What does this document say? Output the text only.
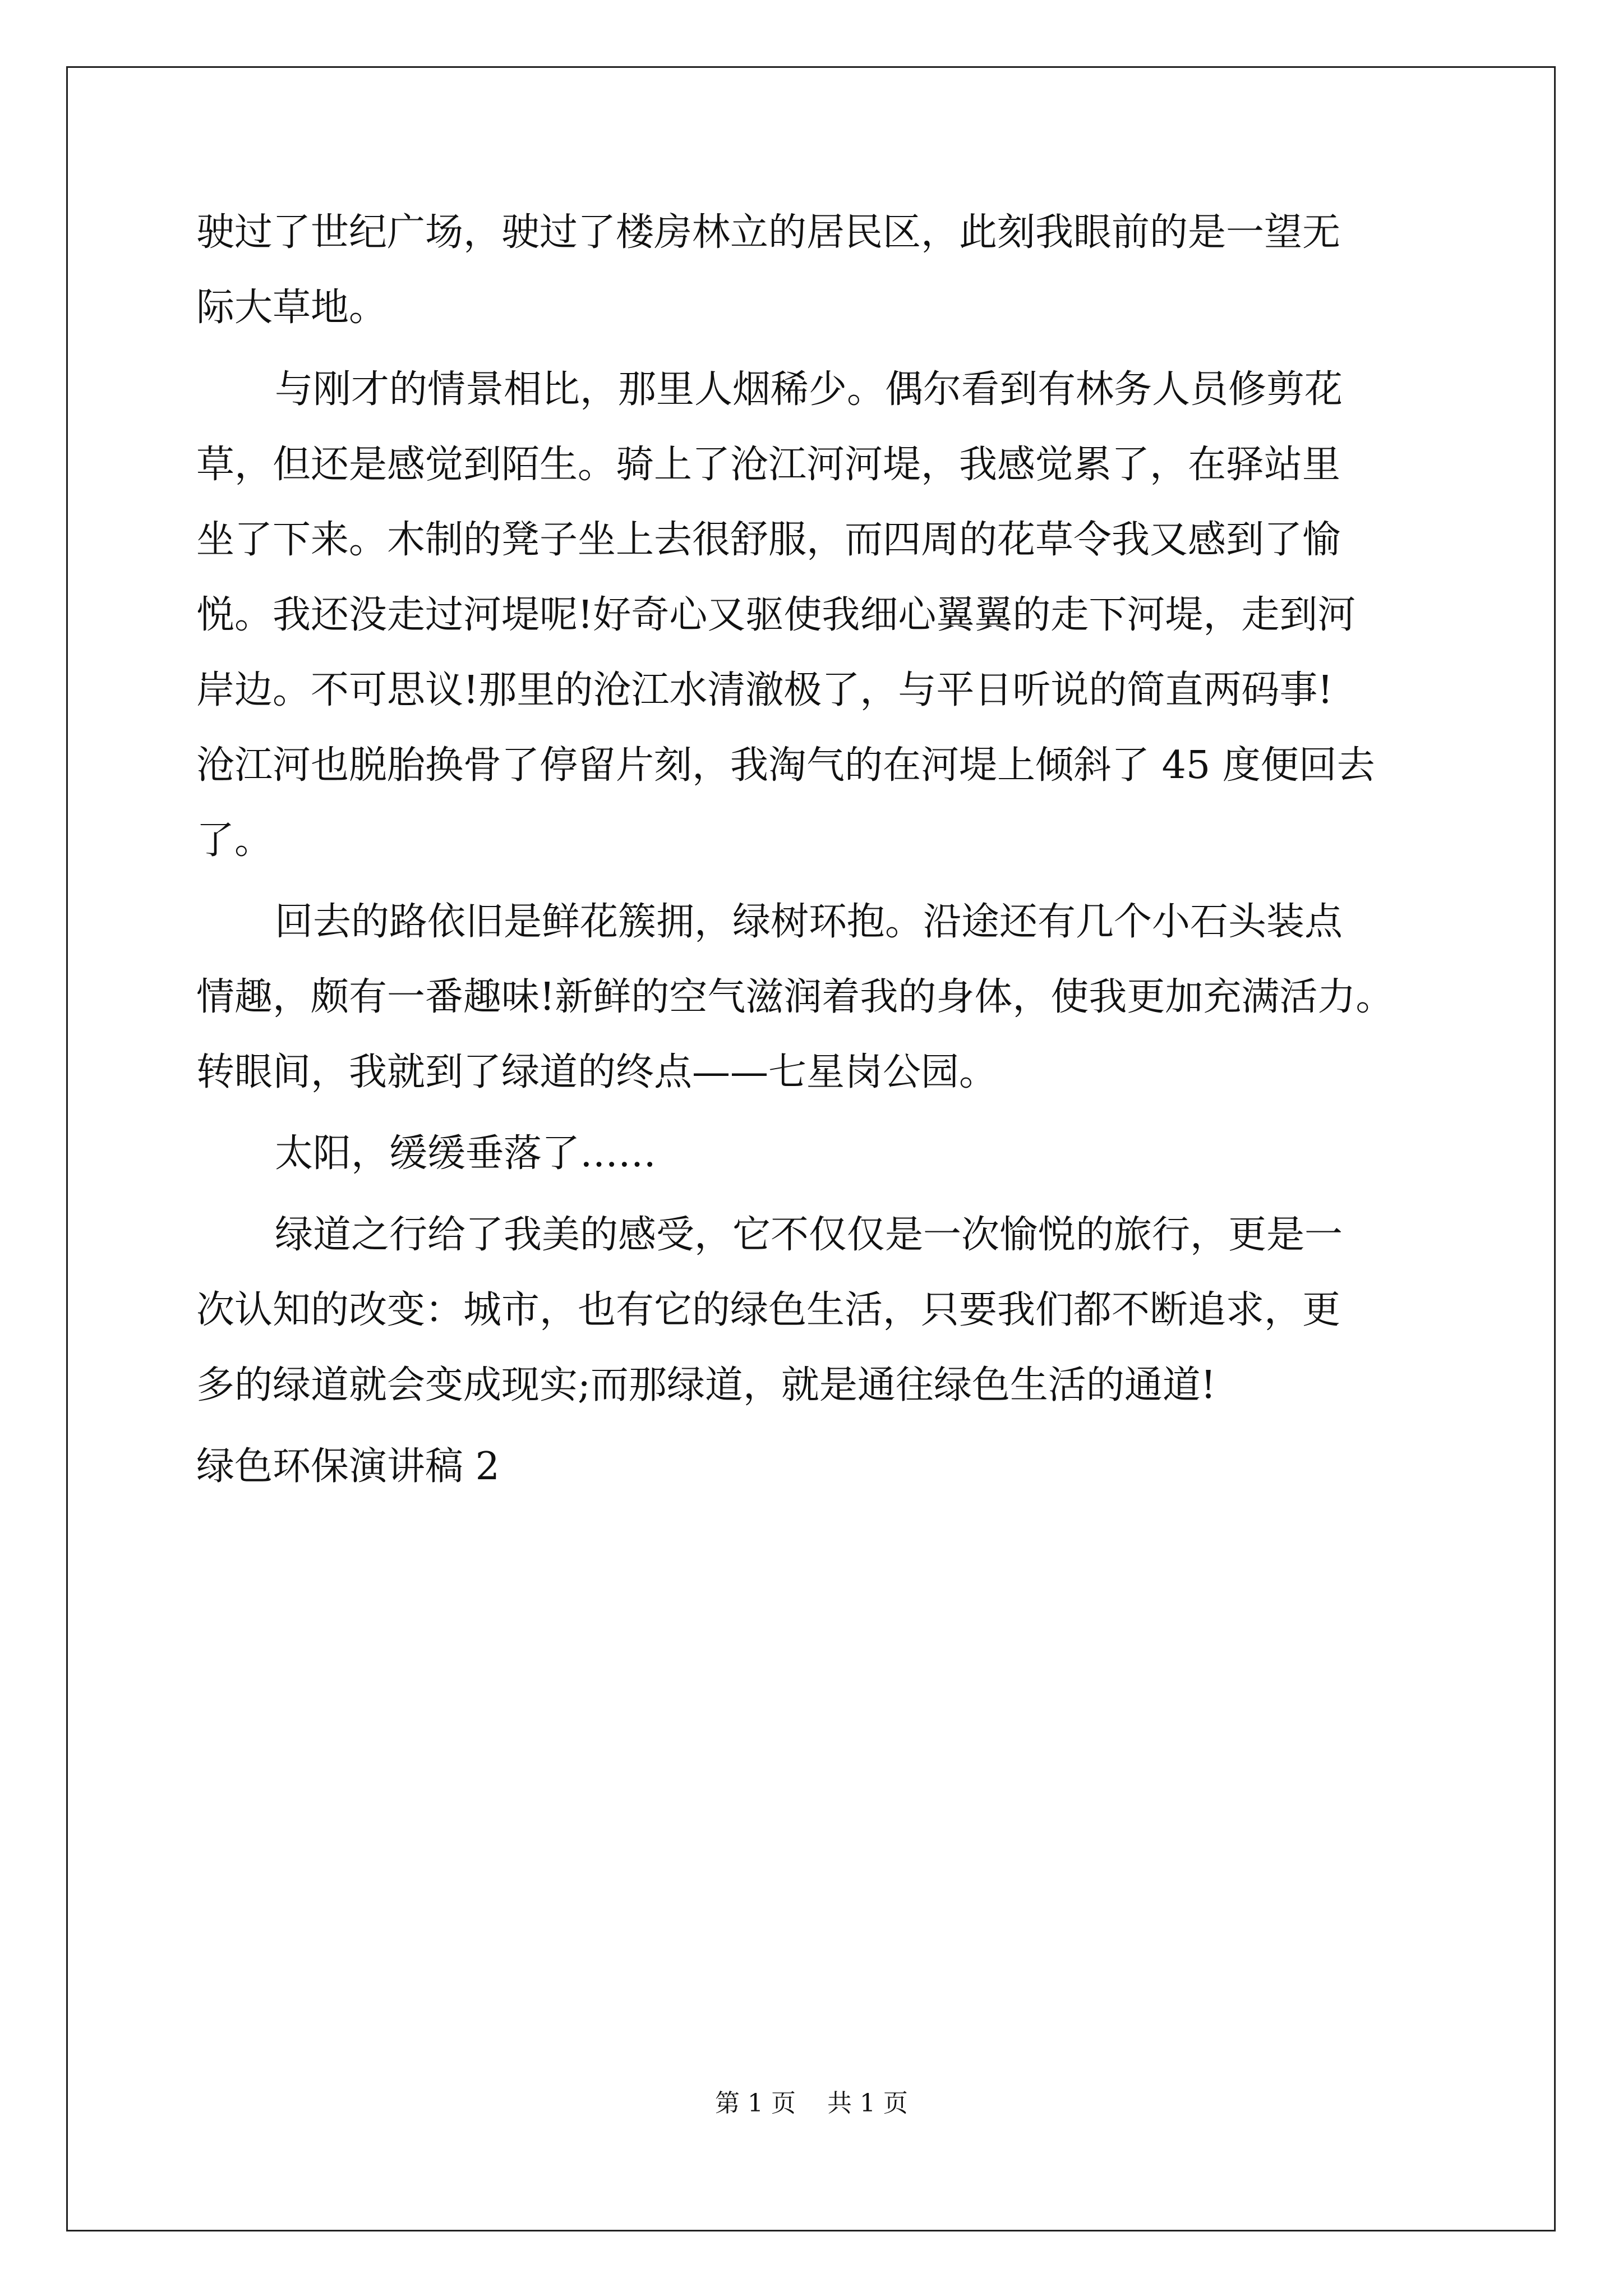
驶过了世纪广场，驶过了楼房林立的居民区，此刻我眼前的是一望无
际大草地。
与刚才的情景相比，那里人烟稀少。偶尔看到有林务人员修剪花
草，但还是感觉到陌生。骑上了沧江河河堤，我感觉累了，在驿站里
坐了下来。木制的凳子坐上去很舒服，而四周的花草令我又感到了愉
悦。我还没走过河堤呢!好奇心又驱使我细心翼翼的走下河堤，走到河
岸边。不可思议!那里的沧江水清澈极了，与平日听说的简直两码事!
沧江河也脱胎换骨了停留片刻，我淘气的在河堤上倾斜了 45 度便回去
了。
回去的路依旧是鲜花簇拥，绿树环抱。沿途还有几个小石头装点
情趣，颇有一番趣味!新鲜的空气滋润着我的身体，使我更加充满活力。
转眼间，我就到了绿道的终点——七星岗公园。
太阳，缓缓垂落了……
绿道之行给了我美的感受，它不仅仅是一次愉悦的旅行，更是一
次认知的改变：城市，也有它的绿色生活，只要我们都不断追求，更
多的绿道就会变成现实;而那绿道，就是通往绿色生活的通道!
绿色环保演讲稿 2
第 1 页    共 1 页
